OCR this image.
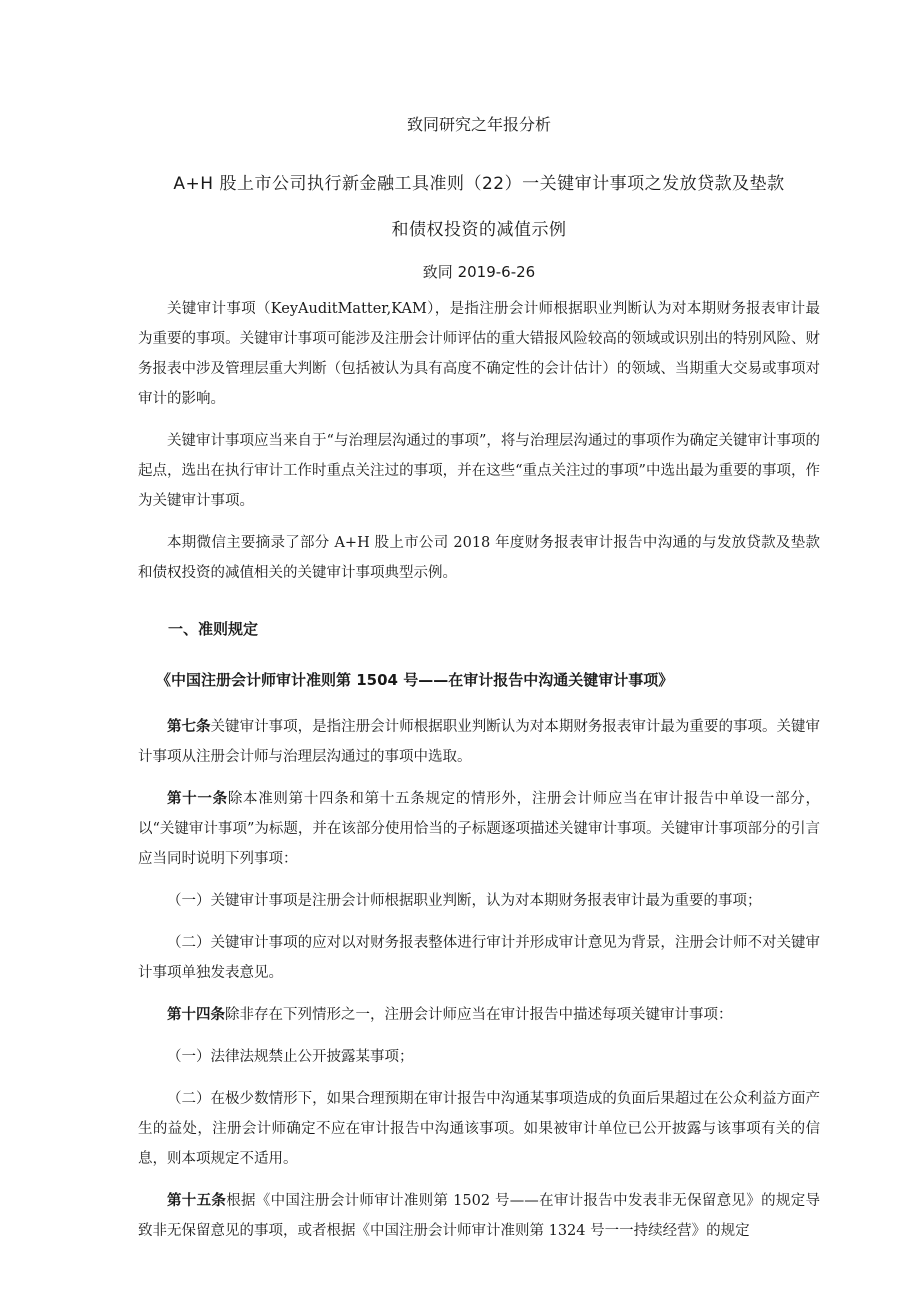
致同研究之年报分析
A+H 股上市公司执行新金融工具准则（22）一关键审计事项之发放贷款及垫款
和债权投资的减值示例
致同 2019-6-26

关键审计事项（KeyAuditMatter,KAM），是指注册会计师根据职业判断认为对本期财务报表审计最为重要的事项。关键审计事项可能涉及注册会计师评估的重大错报风险较高的领域或识别出的特别风险、财务报表中涉及管理层重大判断（包括被认为具有高度不确定性的会计估计）的领域、当期重大交易或事项对审计的影响。

关键审计事项应当来自于“与治理层沟通过的事项”，将与治理层沟通过的事项作为确定关键审计事项的起点，选出在执行审计工作时重点关注过的事项，并在这些“重点关注过的事项”中选出最为重要的事项，作为关键审计事项。

本期微信主要摘录了部分 A+H 股上市公司 2018 年度财务报表审计报告中沟通的与发放贷款及垫款和债权投资的减值相关的关键审计事项典型示例。

一、准则规定
《中国注册会计师审计准则第 1504 号——在审计报告中沟通关键审计事项》

第七条关键审计事项，是指注册会计师根据职业判断认为对本期财务报表审计最为重要的事项。关键审计事项从注册会计师与治理层沟通过的事项中选取。

第十一条除本准则第十四条和第十五条规定的情形外，注册会计师应当在审计报告中单设一部分，以“关键审计事项”为标题，并在该部分使用恰当的子标题逐项描述关键审计事项。关键审计事项部分的引言应当同时说明下列事项：

（一）关键审计事项是注册会计师根据职业判断，认为对本期财务报表审计最为重要的事项；

（二）关键审计事项的应对以对财务报表整体进行审计并形成审计意见为背景，注册会计师不对关键审计事项单独发表意见。

第十四条除非存在下列情形之一，注册会计师应当在审计报告中描述每项关键审计事项：

（一）法律法规禁止公开披露某事项；

（二）在极少数情形下，如果合理预期在审计报告中沟通某事项造成的负面后果超过在公众利益方面产生的益处，注册会计师确定不应在审计报告中沟通该事项。如果被审计单位已公开披露与该事项有关的信息，则本项规定不适用。

第十五条根据《中国注册会计师审计准则第 1502 号——在审计报告中发表非无保留意见》的规定导致非无保留意见的事项，或者根据《中国注册会计师审计准则第 1324 号一一持续经营》的规定
